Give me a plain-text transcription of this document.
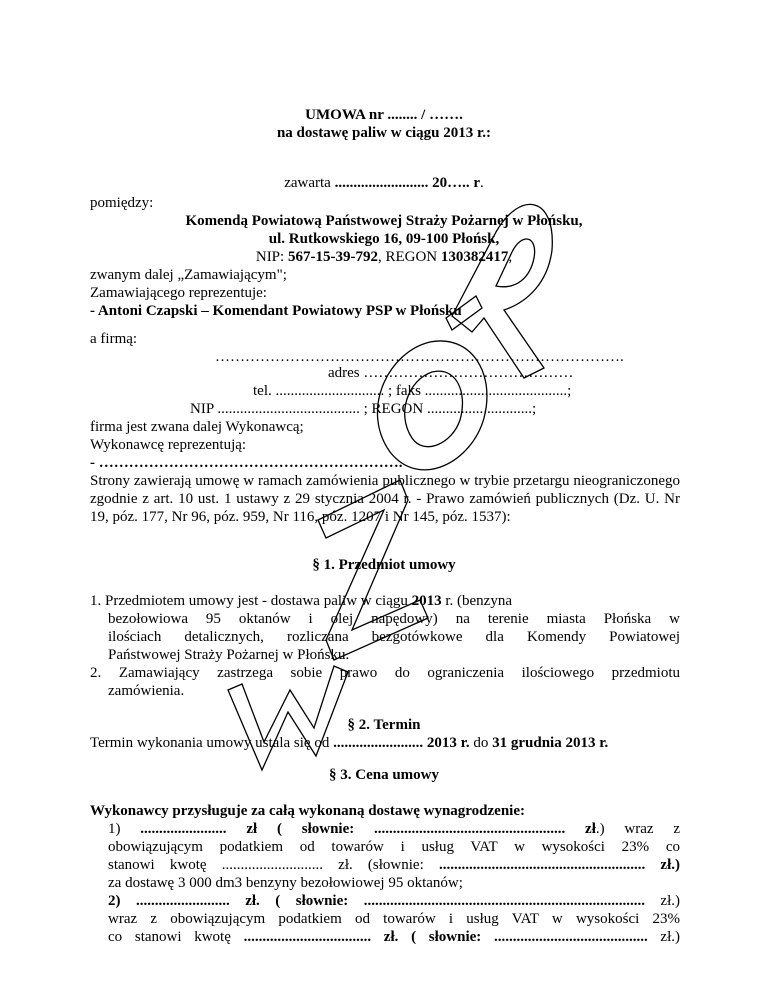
UMOWA nr ........ / …….
na dostawę paliw w ciągu 2013 r.:
zawarta ......................... 20….. r.
pomiędzy:
Komendą Powiatową Państwowej Straży Pożarnej w Płońsku,
ul. Rutkowskiego 16, 09-100 Płońsk,
NIP: 567-15-39-792, REGON 130382417,
zwanym dalej „Zamawiającym";
Zamawiającego reprezentuje:
- Antoni Czapski – Komendant Powiatowy PSP w Płońsku
a firmą:
……………………………………………………………………….
adres ……………………………………
tel. ............................. ; faks ......................................;
NIP ...................................... ; REGON ............................;
firma jest zwana dalej Wykonawcą;
Wykonawcę reprezentują:
- …………………………………………………….
Strony zawierają umowę w ramach zamówienia publicznego w trybie przetargu nieograniczonego zgodnie z art. 10 ust. 1 ustawy z 29 stycznia 2004 r. - Prawo zamówień publicznych (Dz. U. Nr 19, póz. 177, Nr 96, póz. 959, Nr 116, póz. 1207 i Nr 145, póz. 1537):
§ 1. Przedmiot umowy
1. Przedmiotem umowy jest - dostawa paliw w ciągu 2013 r. (benzyna
bezołowiowa 95 oktanów i olej napędowy) na terenie miasta Płońska w
ilościach detalicznych, rozliczana bezgotówkowe dla Komendy Powiatowej
Państwowej Straży Pożarnej w Płońsku.
2. Zamawiający zastrzega sobie prawo do ograniczenia ilościowego przedmiotu
zamówienia.
§ 2. Termin
Termin wykonania umowy ustala się od ........................ 2013 r. do 31 grudnia 2013 r.
§ 3. Cena umowy
Wykonawcy przysługuje za całą wykonaną dostawę wynagrodzenie:
1) ....................... zł ( słownie: ................................................... zł.) wraz z
obowiązującym podatkiem od towarów i usług VAT w wysokości 23% co
stanowi kwotę ........................... zł. (słownie: ....................................................... zł.)
za dostawę 3 000 dm3 benzyny bezołowiowej 95 oktanów;
2) ......................... zł. ( słownie: ........................................................................... zł.)
wraz z obowiązującym podatkiem od towarów i usług VAT w wysokości 23%
co stanowi kwotę .................................. zł. ( słownie: ......................................... zł.)
